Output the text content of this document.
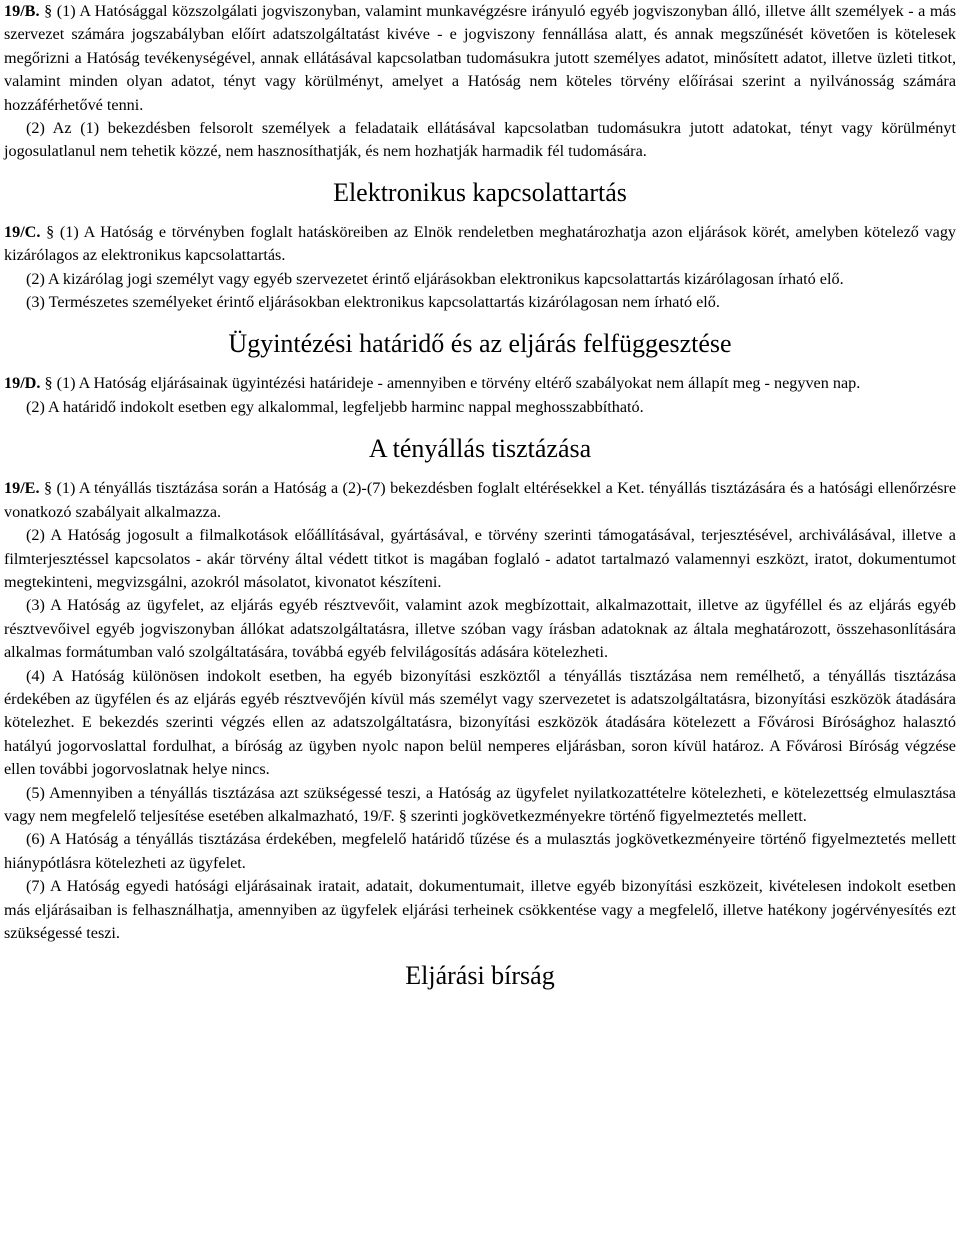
19/B. § (1) A Hatósággal közszolgálati jogviszonyban, valamint munkavégzésre irányuló egyéb jogviszonyban álló, illetve állt személyek - a más szervezet számára jogszabályban előírt adatszolgáltatást kivéve - e jogviszony fennállása alatt, és annak megszűnését követően is kötelesek megőrizni a Hatóság tevékenységével, annak ellátásával kapcsolatban tudomásukra jutott személyes adatot, minősített adatot, illetve üzleti titkot, valamint minden olyan adatot, tényt vagy körülményt, amelyet a Hatóság nem köteles törvény előírásai szerint a nyilvánosság számára hozzáférhetővé tenni.

(2) Az (1) bekezdésben felsorolt személyek a feladataik ellátásával kapcsolatban tudomásukra jutott adatokat, tényt vagy körülményt jogosulatlanul nem tehetik közzé, nem hasznosíthatják, és nem hozhatják harmadik fél tudomására.

Elektronikus kapcsolattartás

19/C. § (1) A Hatóság e törvényben foglalt hatásköreiben az Elnök rendeletben meghatározhatja azon eljárások körét, amelyben kötelező vagy kizárólagos az elektronikus kapcsolattartás.

(2) A kizárólag jogi személyt vagy egyéb szervezetet érintő eljárásokban elektronikus kapcsolattartás kizárólagosan írható elő.

(3) Természetes személyeket érintő eljárásokban elektronikus kapcsolattartás kizárólagosan nem írható elő.

Ügyintézési határidő és az eljárás felfüggesztése

19/D. § (1) A Hatóság eljárásainak ügyintézési határideje - amennyiben e törvény eltérő szabályokat nem állapít meg - negyven nap.

(2) A határidő indokolt esetben egy alkalommal, legfeljebb harminc nappal meghosszabbítható.

A tényállás tisztázása

19/E. § (1) A tényállás tisztázása során a Hatóság a (2)-(7) bekezdésben foglalt eltérésekkel a Ket. tényállás tisztázására és a hatósági ellenőrzésre vonatkozó szabályait alkalmazza.

(2) A Hatóság jogosult a filmalkotások előállításával, gyártásával, e törvény szerinti támogatásával, terjesztésével, archiválásával, illetve a filmterjesztéssel kapcsolatos - akár törvény által védett titkot is magában foglaló - adatot tartalmazó valamennyi eszközt, iratot, dokumentumot megtekinteni, megvizsgálni, azokról másolatot, kivonatot készíteni.

(3) A Hatóság az ügyfelet, az eljárás egyéb résztvevőit, valamint azok megbízottait, alkalmazottait, illetve az ügyféllel és az eljárás egyéb résztvevőivel egyéb jogviszonyban állókat adatszolgáltatásra, illetve szóban vagy írásban adatoknak az általa meghatározott, összehasonlítására alkalmas formátumban való szolgáltatására, továbbá egyéb felvilágosítás adására kötelezheti.

(4) A Hatóság különösen indokolt esetben, ha egyéb bizonyítási eszköztől a tényállás tisztázása nem remélhető, a tényállás tisztázása érdekében az ügyfélen és az eljárás egyéb résztvevőjén kívül más személyt vagy szervezetet is adatszolgáltatásra, bizonyítási eszközök átadására kötelezhet. E bekezdés szerinti végzés ellen az adatszolgáltatásra, bizonyítási eszközök átadására kötelezett a Fővárosi Bírósághoz halasztó hatályú jogorvoslattal fordulhat, a bíróság az ügyben nyolc napon belül nemperes eljárásban, soron kívül határoz. A Fővárosi Bíróság végzése ellen további jogorvoslatnak helye nincs.

(5) Amennyiben a tényállás tisztázása azt szükségessé teszi, a Hatóság az ügyfelet nyilatkozattételre kötelezheti, e kötelezettség elmulasztása vagy nem megfelelő teljesítése esetében alkalmazható, 19/F. § szerinti jogkövetkezményekre történő figyelmeztetés mellett.

(6) A Hatóság a tényállás tisztázása érdekében, megfelelő határidő tűzése és a mulasztás jogkövetkezményeire történő figyelmeztetés mellett hiánypótlásra kötelezheti az ügyfelet.

(7) A Hatóság egyedi hatósági eljárásainak iratait, adatait, dokumentumait, illetve egyéb bizonyítási eszközeit, kivételesen indokolt esetben más eljárásaiban is felhasználhatja, amennyiben az ügyfelek eljárási terheinek csökkentése vagy a megfelelő, illetve hatékony jogérvényesítés ezt szükségessé teszi.

Eljárási bírság
